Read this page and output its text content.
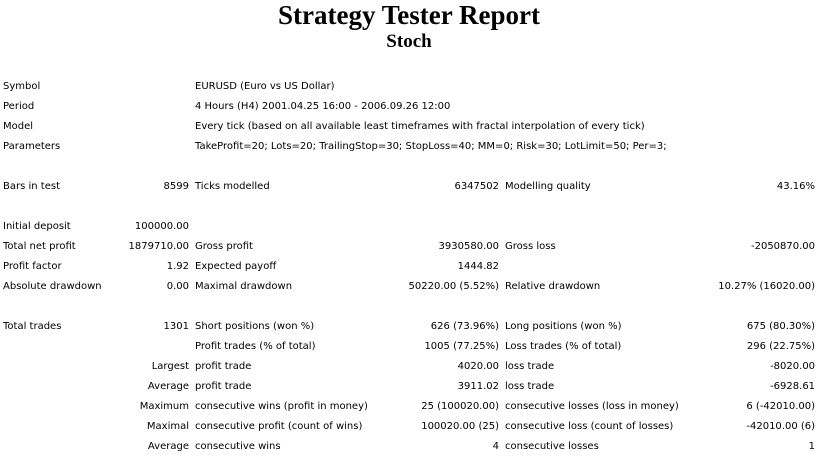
Strategy Tester Report
Stoch
Symbol		EURUSD (Euro vs US Dollar)			
Period		4 Hours (H4) 2001.04.25 16:00 - 2006.09.26 12:00			
Model		Every tick (based on all available least timeframes with fractal interpolation of every tick)			
Parameters		TakeProfit=20; Lots=20; TrailingStop=30; StopLoss=40; MM=0; Risk=30; LotLimit=50; Per=3;			

Bars in test	8599	Ticks modelled	6347502	Modelling quality	43.16%

Initial deposit	100000.00				
Total net profit	1879710.00	Gross profit	3930580.00	Gross loss	-2050870.00
Profit factor	1.92	Expected payoff	1444.82		
Absolute drawdown	0.00	Maximal drawdown	50220.00 (5.52%)	Relative drawdown	10.27% (16020.00)

Total trades	1301	Short positions (won %)	626 (73.96%)	Long positions (won %)	675 (80.30%)
		Profit trades (% of total)	1005 (77.25%)	Loss trades (% of total)	296 (22.75%)
	Largest	profit trade	4020.00	loss trade	-8020.00
	Average	profit trade	3911.02	loss trade	-6928.61
	Maximum	consecutive wins (profit in money)	25 (100020.00)	consecutive losses (loss in money)	6 (-42010.00)
	Maximal	consecutive profit (count of wins)	100020.00 (25)	consecutive loss (count of losses)	-42010.00 (6)
	Average	consecutive wins	4	consecutive losses	1
